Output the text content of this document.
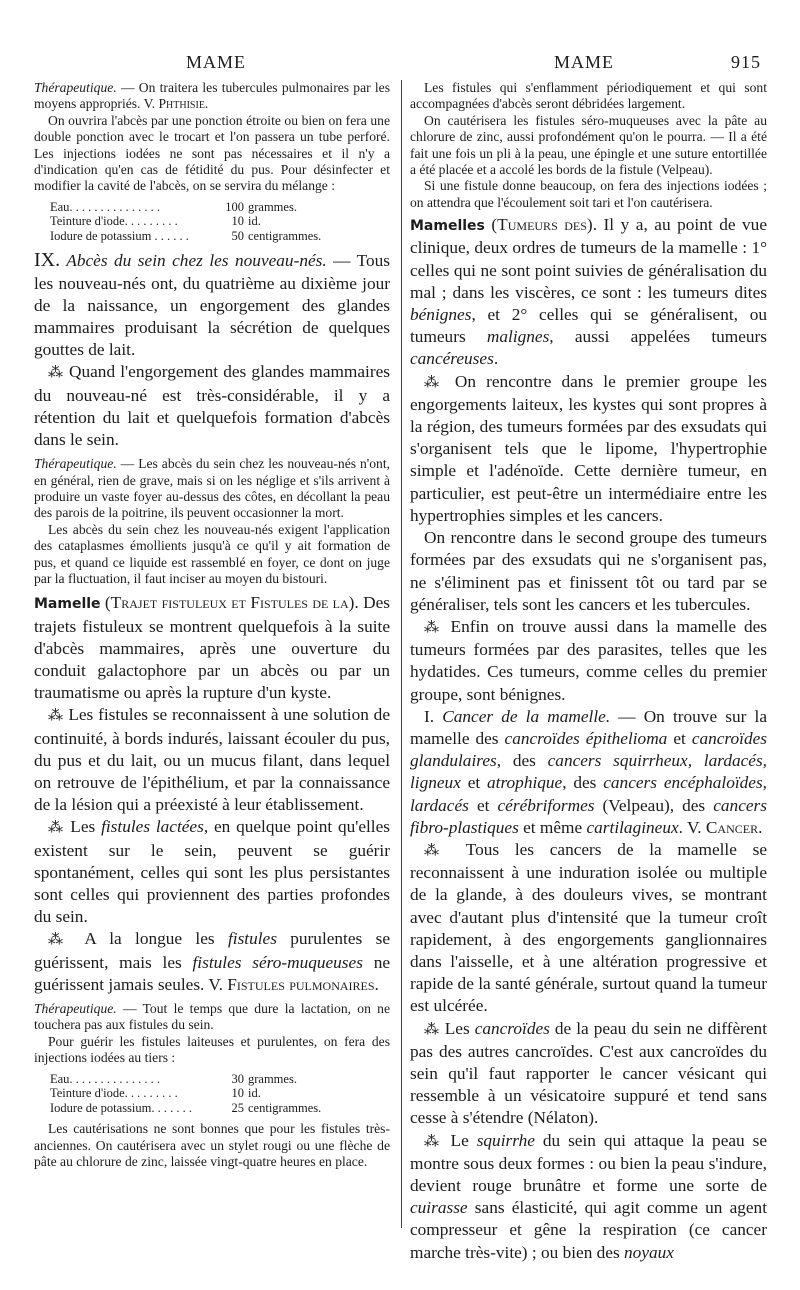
MAME	MAME	915

Thérapeutique. — On traitera les tubercules pulmonaires par les moyens appropriés. V. Phthisie.

On ouvrira l'abcès par une ponction étroite ou bien on fera une double ponction avec le trocart et l'on passera un tube perforé. Les injections iodées ne sont pas nécessaires et il n'y a d'indication qu'en cas de fétidité du pus. Pour désinfecter et modifier la cavité de l'abcès, on se servira du mélange :

Eau. . . . . . . . . . . . . . .	100	grammes.
Teinture d'iode. . . . . . . . .	10	id.
Iodure de potassium . . . . . .	50	centigrammes.

IX. Abcès du sein chez les nouveau-nés. — Tous les nouveau-nés ont, du quatrième au dixième jour de la naissance, un engorgement des glandes mammaires produisant la sécrétion de quelques gouttes de lait.

⁂ Quand l'engorgement des glandes mammaires du nouveau-né est très-considérable, il y a rétention du lait et quelquefois formation d'abcès dans le sein.

Thérapeutique. — Les abcès du sein chez les nouveau-nés n'ont, en général, rien de grave, mais si on les néglige et s'ils arrivent à produire un vaste foyer au-dessus des côtes, en décollant la peau des parois de la poitrine, ils peuvent occasionner la mort.

Les abcès du sein chez les nouveau-nés exigent l'application des cataplasmes émollients jusqu'à ce qu'il y ait formation de pus, et quand ce liquide est rassemblé en foyer, ce dont on juge par la fluctuation, il faut inciser au moyen du bistouri.

Mamelle (Trajet fistuleux et Fistules de la). Des trajets fistuleux se montrent quelquefois à la suite d'abcès mammaires, après une ouverture du conduit galactophore par un abcès ou par un traumatisme ou après la rupture d'un kyste.

⁂ Les fistules se reconnaissent à une solution de continuité, à bords indurés, laissant écouler du pus, du pus et du lait, ou un mucus filant, dans lequel on retrouve de l'épithélium, et par la connaissance de la lésion qui a préexisté à leur établissement.

⁂ Les fistules lactées, en quelque point qu'elles existent sur le sein, peuvent se guérir spontanément, celles qui sont les plus persistantes sont celles qui proviennent des parties profondes du sein.

⁂ A la longue les fistules purulentes se guérissent, mais les fistules séro-muqueuses ne guérissent jamais seules. V. Fistules pulmonaires.

Thérapeutique. — Tout le temps que dure la lactation, on ne touchera pas aux fistules du sein.

Pour guérir les fistules laiteuses et purulentes, on fera des injections iodées au tiers :

Eau. . . . . . . . . . . . . . .	30	grammes.
Teinture d'iode. . . . . . . . .	10	id.
Iodure de potassium. . . . . . .	25	centigrammes.

Les cautérisations ne sont bonnes que pour les fistules très-anciennes. On cautérisera avec un stylet rougi ou une flèche de pâte au chlorure de zinc, laissée vingt-quatre heures en place.

Les fistules qui s'enflamment périodiquement et qui sont accompagnées d'abcès seront débridées largement.

On cautérisera les fistules séro-muqueuses avec la pâte au chlorure de zinc, aussi profondément qu'on le pourra. — Il a été fait une fois un pli à la peau, une épingle et une suture entortillée a été placée et a accolé les bords de la fistule (Velpeau).

Si une fistule donne beaucoup, on fera des injections iodées ; on attendra que l'écoulement soit tari et l'on cautérisera.

Mamelles (Tumeurs des). Il y a, au point de vue clinique, deux ordres de tumeurs de la mamelle : 1° celles qui ne sont point suivies de généralisation du mal ; dans les viscères, ce sont : les tumeurs dites bénignes, et 2° celles qui se généralisent, ou tumeurs malignes, aussi appelées tumeurs cancéreuses.

⁂ On rencontre dans le premier groupe les engorgements laiteux, les kystes qui sont propres à la région, des tumeurs formées par des exsudats qui s'organisent tels que le lipome, l'hypertrophie simple et l'adénoïde. Cette dernière tumeur, en particulier, est peut-être un intermédiaire entre les hypertrophies simples et les cancers.

On rencontre dans le second groupe des tumeurs formées par des exsudats qui ne s'organisent pas, ne s'éliminent pas et finissent tôt ou tard par se généraliser, tels sont les cancers et les tubercules.

⁂ Enfin on trouve aussi dans la mamelle des tumeurs formées par des parasites, telles que les hydatides. Ces tumeurs, comme celles du premier groupe, sont bénignes.

I. Cancer de la mamelle. — On trouve sur la mamelle des cancroïdes épithelioma et cancroïdes glandulaires, des cancers squirrheux, lardacés, ligneux et atrophique, des cancers encéphaloïdes, lardacés et cérébriformes (Velpeau), des cancers fibro-plastiques et même cartilagineux. V. Cancer.

⁂ Tous les cancers de la mamelle se reconnaissent à une induration isolée ou multiple de la glande, à des douleurs vives, se montrant avec d'autant plus d'intensité que la tumeur croît rapidement, à des engorgements ganglionnaires dans l'aisselle, et à une altération progressive et rapide de la santé générale, surtout quand la tumeur est ulcérée.

⁂ Les cancroïdes de la peau du sein ne diffèrent pas des autres cancroïdes. C'est aux cancroïdes du sein qu'il faut rapporter le cancer vésicant qui ressemble à un vésicatoire suppuré et tend sans cesse à s'étendre (Nélaton).

⁂ Le squirrhe du sein qui attaque la peau se montre sous deux formes : ou bien la peau s'indure, devient rouge brunâtre et forme une sorte de cuirasse sans élasticité, qui agit comme un agent compresseur et gêne la respiration (ce cancer marche très-vite) ; ou bien des noyaux
